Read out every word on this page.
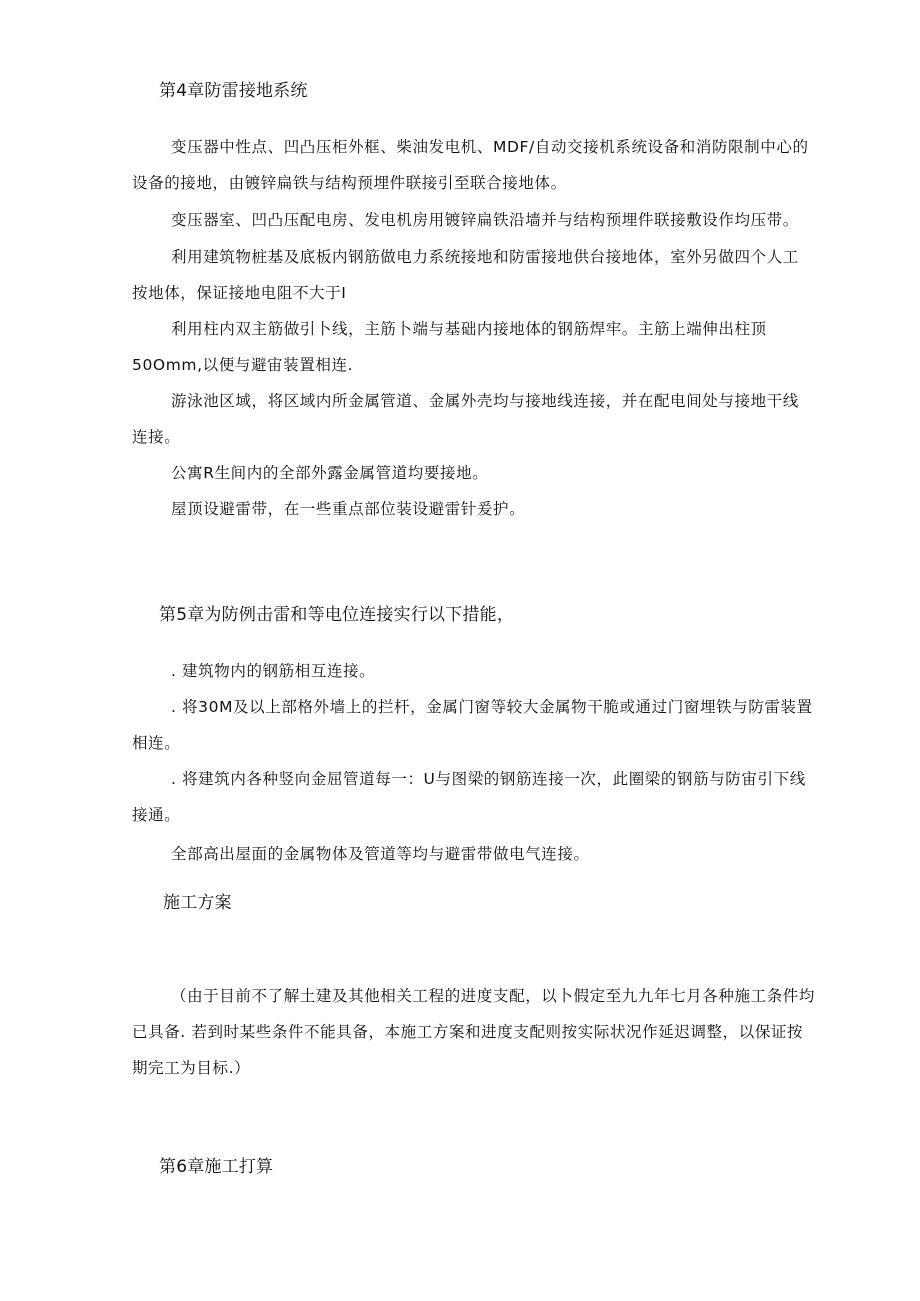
第4章防雷接地系统
变压器中性点、凹凸压柜外框、柴油发电机、MDF/自动交接机系统设备和消防限制中心的
设备的接地，由镀锌扁铁与结构预埋件联接引至联合接地体。
变压器室、凹凸压配电房、发电机房用镀锌扁铁沿墙并与结构预埋件联接敷设作均压带。
利用建筑物桩基及底板内钢筋做电力系统接地和防雷接地供台接地体，室外另做四个人工
按地体，保证接地电阻不大于I
利用柱内双主筋做引卜线，主筋卜端与基础内接地体的钢筋焊牢。主筋上端伸出柱顶
50Omm,以便与避宙装置相连.
游泳池区域，将区域内所金属管道、金属外壳均与接地线连接，并在配电间处与接地干线
连接。
公寓R生间内的全部外露金属管道均要接地。
屋顶设避雷带，在一些重点部位装设避雷针爰护。
第5章为防例击雷和等电位连接实行以下措能，
. 建筑物内的钢筋相互连接。
. 将30M及以上部格外墙上的拦杆，金属门窗等较大金属物干脆或通过门窗埋铁与防雷装置
相连。
. 将建筑内各种竖向金屈管道每一：U与图梁的钢筋连接一次，此圈梁的钢筋与防宙引下线
接通。
全部高出屋面的金属物体及管道等均与避雷带做电气连接。
施工方案
（由于目前不了解土建及其他相关工程的进度支配，以卜假定至九九年七月各种施工条件均
已具备. 若到时某些条件不能具备，本施工方案和进度支配则按实际状况作延迟调整，以保证按
期完工为目标.）
第6章施工打算
